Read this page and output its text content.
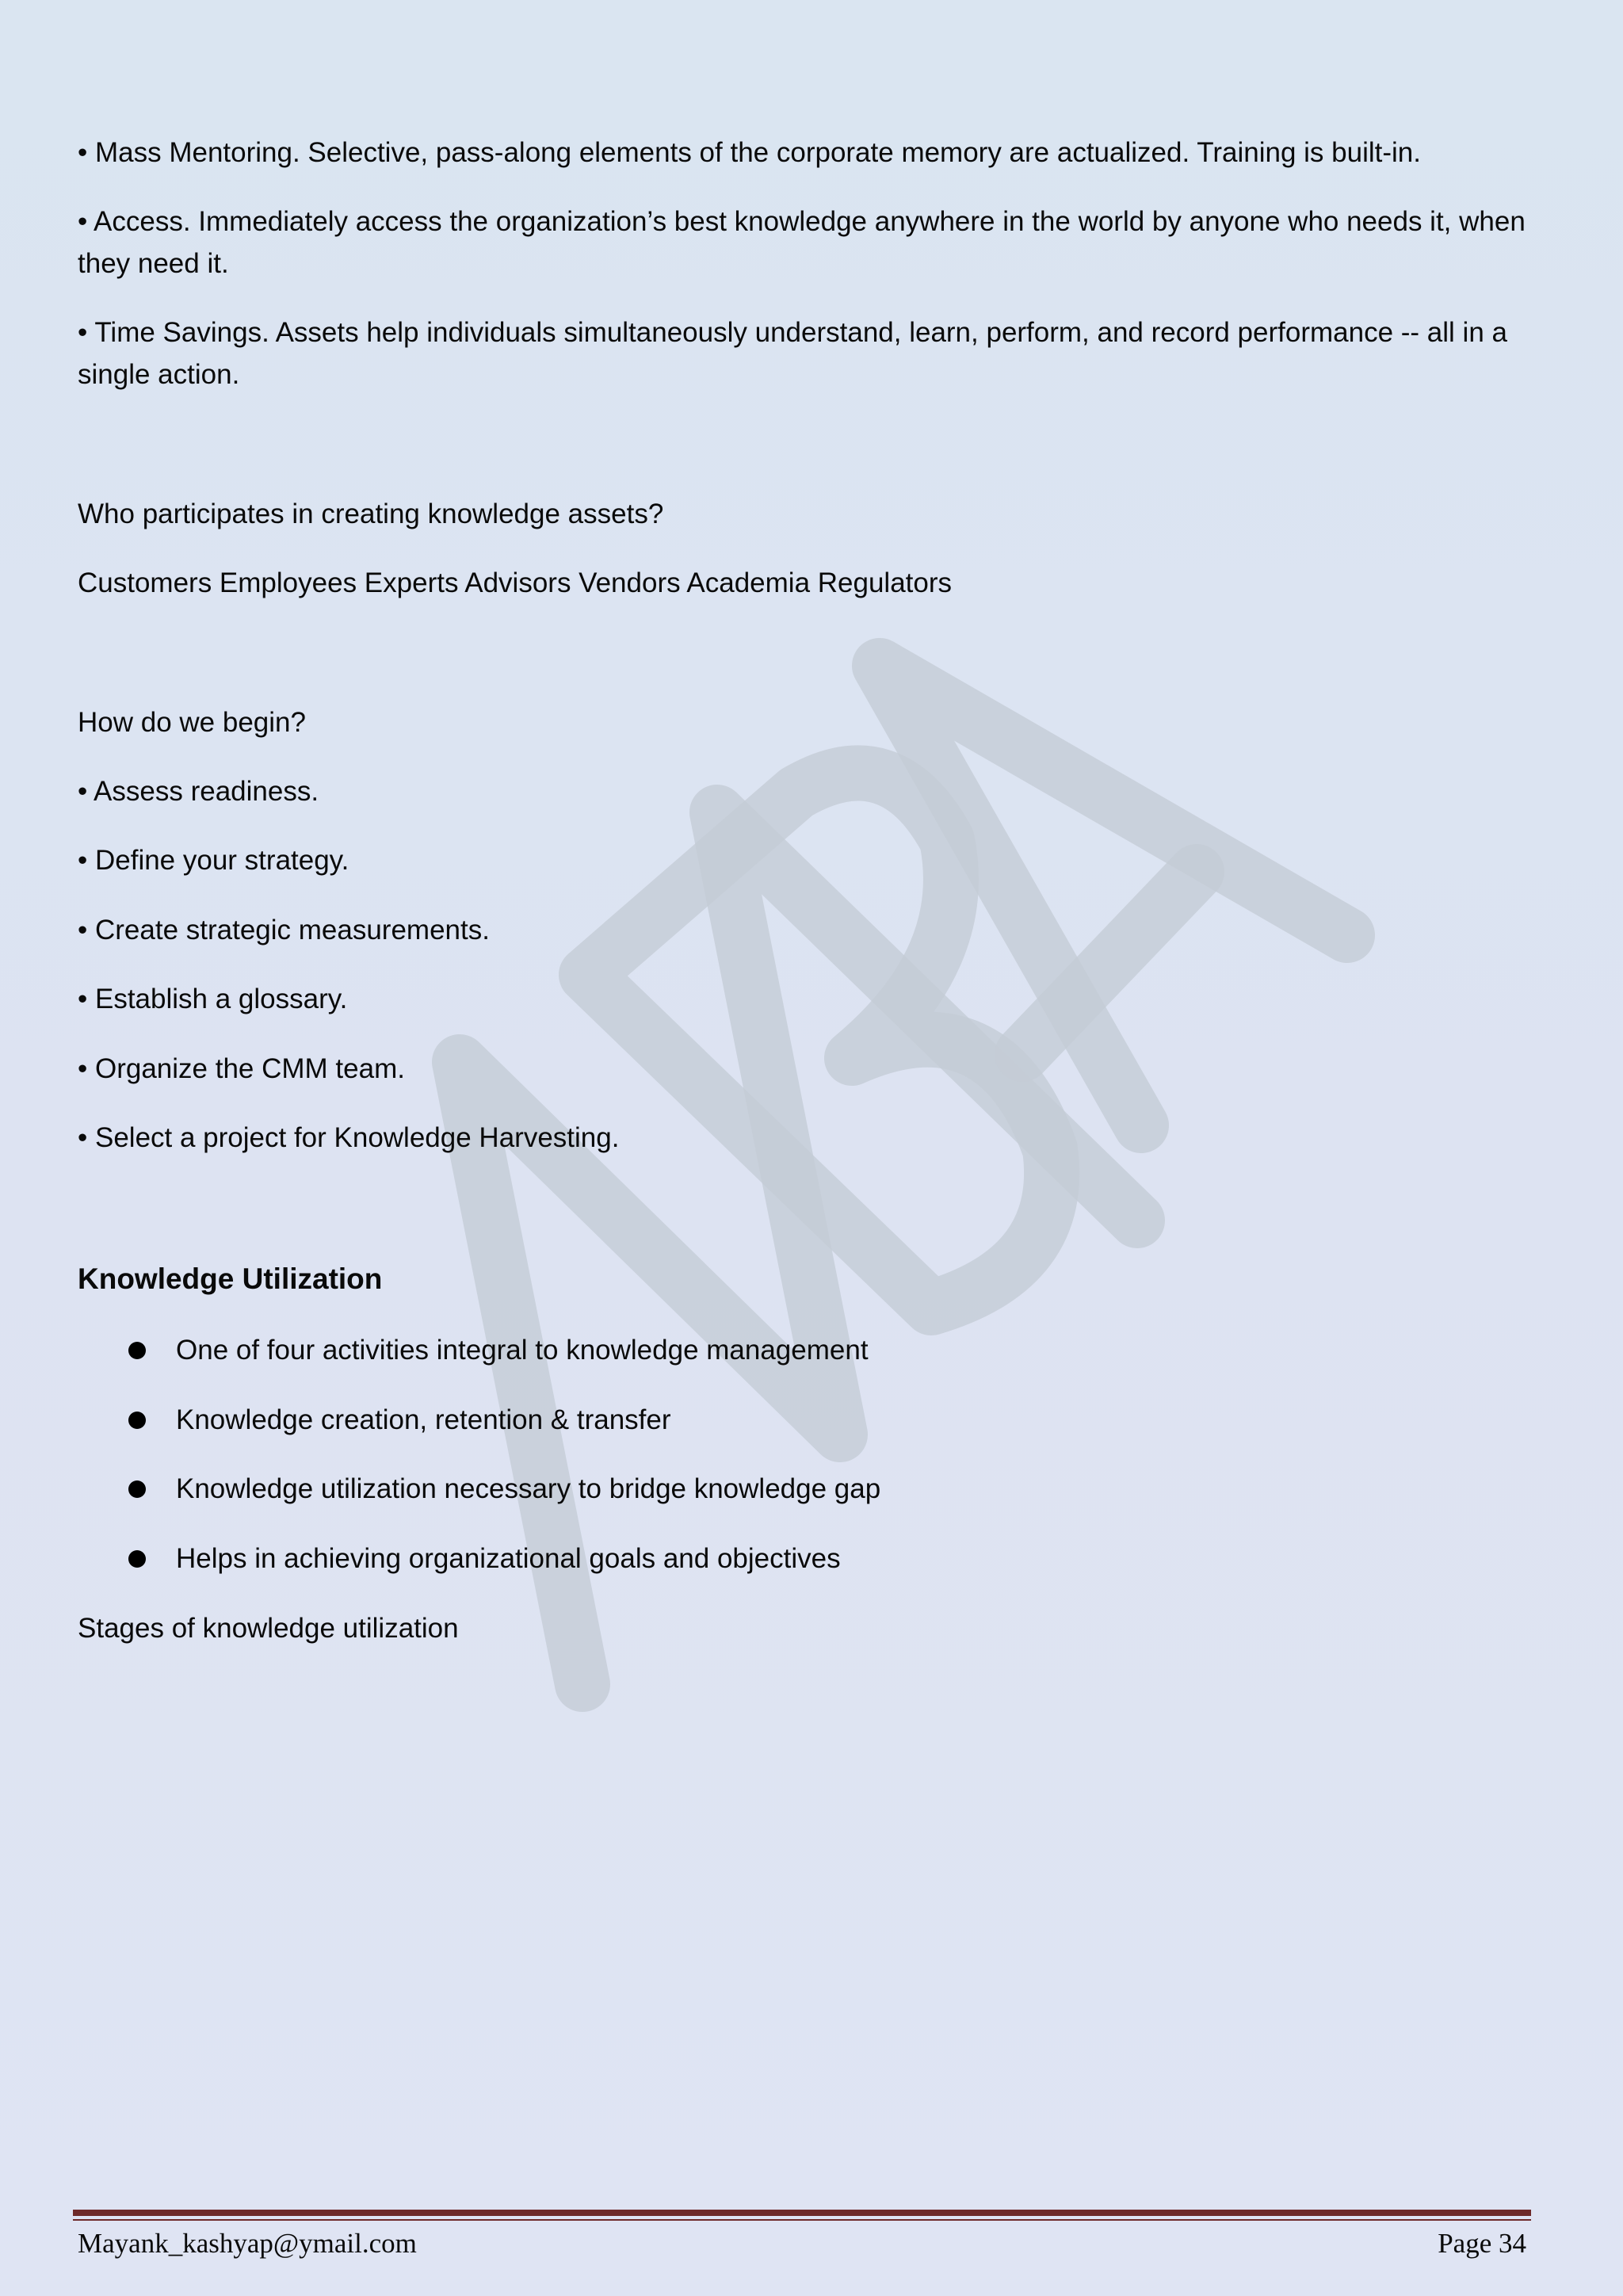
• Mass Mentoring. Selective, pass-along elements of the corporate memory are actualized. Training is built-in.

• Access. Immediately access the organization’s best knowledge anywhere in the world by anyone who needs it, when they need it.

• Time Savings. Assets help individuals simultaneously understand, learn, perform, and record performance -- all in a single action.

Who participates in creating knowledge assets?

Customers Employees Experts Advisors Vendors Academia Regulators

How do we begin?

• Assess readiness.

• Define your strategy.

• Create strategic measurements.

• Establish a glossary.

• Organize the CMM team.

• Select a project for Knowledge Harvesting.

Knowledge Utilization
One of four activities integral to knowledge management
Knowledge creation, retention & transfer
Knowledge utilization necessary to bridge knowledge gap
Helps in achieving organizational goals and objectives

Stages of knowledge utilization

Mayank_kashyap@ymail.com	Page 34
